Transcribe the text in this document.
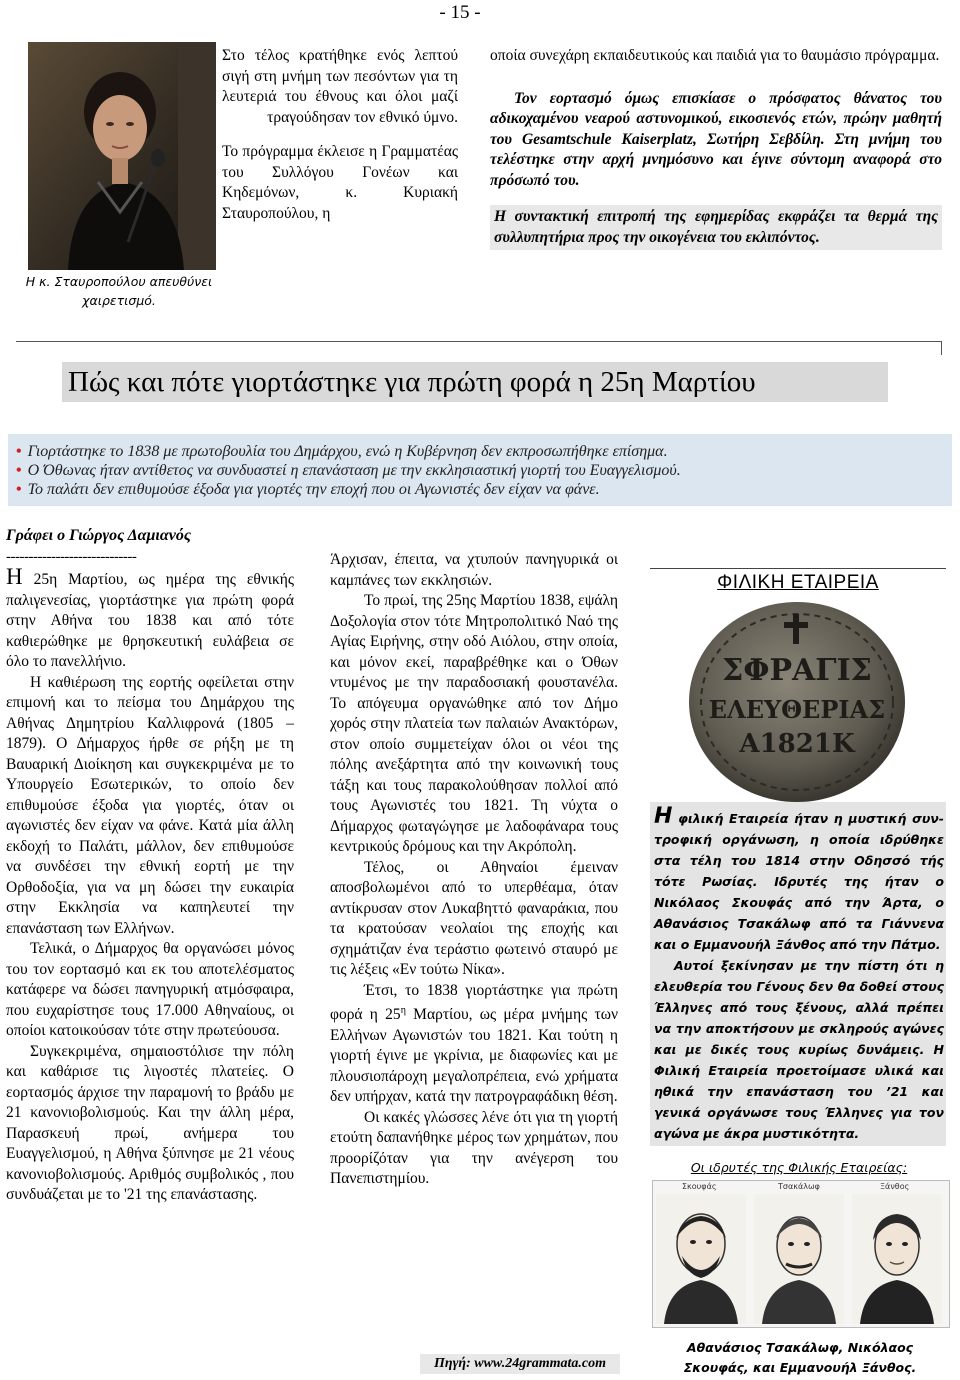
- 15 -
Η κ. Σταυροπούλου απευθύνει
χαιρετισμό.

Στο τέλος κρατήθηκε ενός λεπτού σιγή στη μνήμη των πεσόντων για τη λευτεριά του έθνους και όλοι μαζί τραγούδησαν τον εθνικό ύμνο.

Το πρόγραμμα έκλεισε η Γραμματέας του Συλλόγου Γονέων και Κηδεμόνων, κ. Κυριακή Σταυροπούλου, η

οποία συνεχάρη εκπαιδευτικούς και παιδιά για το θαυμάσιο πρόγραμμα.

Τον εορτασμό όμως επισκίασε ο πρόσφατος θάνατος του αδικοχαμένου νεαρού αστυνομικού, εικοσιενός ετών, πρώην μαθητή του Gesamtschule Kaiserplatz, Σωτήρη Σεβδίλη. Στη μνήμη του τελέστηκε στην αρχή μνημόσυνο και έγινε σύντομη αναφορά στο πρόσωπό του.

Η συντακτική επιτροπή της εφημερίδας εκφράζει τα θερμά της συλλυπητήρια προς την οικογένεια του εκλιπόντος.

Πώς και πότε γιορτάστηκε για πρώτη φορά η 25η Μαρτίου
• Γιορτάστηκε το 1838 με πρωτοβουλία του Δημάρχου, ενώ η Κυβέρνηση δεν εκπροσωπήθηκε επίσημα.
• Ο Όθωνας ήταν αντίθετος να συνδυαστεί η επανάσταση με την εκκλησιαστική γιορτή του Ευαγγελισμού.
• Το παλάτι δεν επιθυμούσε έξοδα για γιορτές την εποχή που οι Αγωνιστές δεν είχαν να φάνε.

Γράφει ο Γιώργος Δαμιανός

-----------------------------

Η 25η Μαρτίου, ως ημέρα της εθνικής παλιγενεσίας, γιορτάστηκε για πρώτη φορά στην Αθήνα του 1838 και από τότε καθιερώθηκε με θρησκευτική ευλάβεια σε όλο το πανελλήνιο.

Η καθιέρωση της εορτής οφείλεται στην επιμονή και το πείσμα του Δημάρχου της Αθήνας Δημητρίου Καλλιφρονά (1805 – 1879). Ο Δήμαρχος ήρθε σε ρήξη με τη Βαυαρική Διοίκηση και συγκεκριμένα με το Υπουργείο Εσωτερικών, το οποίο δεν επιθυμούσε έξοδα για γιορτές, όταν οι αγωνιστές δεν είχαν να φάνε. Κατά μία άλλη εκδοχή το Παλάτι, μάλλον, δεν επιθυμούσε να συνδέσει την εθνική εορτή με την Ορθοδοξία, για να μη δώσει την ευκαιρία στην Εκκλησία να καπηλευτεί την επανάσταση των Ελλήνων.

Τελικά, ο Δήμαρχος θα οργανώσει μόνος του τον εορτασμό και εκ του αποτελέσματος κατάφερε να δώσει πανηγυρική ατμόσφαιρα, που ευχαρίστησε τους 17.000 Αθηναίους, οι οποίοι κατοικούσαν τότε στην πρωτεύουσα.

Συγκεκριμένα, σημαιοστόλισε την πόλη και καθάρισε τις λιγοστές πλατείες. Ο εορτασμός άρχισε την παραμονή το βράδυ με 21 κανονιοβολισμούς. Και την άλλη μέρα, Παρασκευή πρωί, ανήμερα του Ευαγγελισμού, η Αθήνα ξύπνησε με 21 νέους κανονιοβολισμούς. Αριθμός συμβολικός , που συνδυάζεται με το '21 της επανάστασης.

Άρχισαν, έπειτα, να χτυπούν πανηγυρικά οι καμπάνες των εκκλησιών.

Το πρωί, της 25ης Μαρτίου 1838, εψάλη Δοξολογία στον τότε Μητροπολιτικό Ναό της Αγίας Ειρήνης, στην οδό Αιόλου, στην οποία, και μόνον εκεί, παραβρέθηκε και ο Όθων ντυμένος με την παραδοσιακή φουστανέλα. Το απόγευμα οργανώθηκε από τον Δήμο χορός στην πλατεία των παλαιών Ανακτόρων, στον οποίο συμμετείχαν όλοι οι νέοι της πόλης ανεξάρτητα από την κοινωνική τους τάξη και τους παρακολούθησαν πολλοί από τους Αγωνιστές του 1821. Τη νύχτα ο Δήμαρχος φωταγώγησε με λαδοφάναρα τους κεντρικούς δρόμους και την Ακρόπολη.

Τέλος, οι Αθηναίοι έμειναν αποσβολωμένοι από το υπερθέαμα, όταν αντίκρυσαν στον Λυκαβηττό φαναράκια, που τα κρατούσαν νεολαίοι της εποχής και σχημάτιζαν ένα τεράστιο φωτεινό σταυρό με τις λέξεις «Εν τούτω Νίκα».

Έτσι, το 1838 γιορτάστηκε για πρώτη φορά η $25^\eta$ Μαρτίου, ως μέρα μνήμης των Ελλήνων Αγωνιστών του 1821. Και τούτη η γιορτή έγινε με γκρίνια, με διαφωνίες και με πλουσιοπάροχη μεγαλοπρέπεια, ενώ χρήματα δεν υπήρχαν, κατά την πατρογραφάδικη θέση.

Οι κακές γλώσσες λένε ότι για τη γιορτή ετούτη δαπανήθηκε μέρος των χρημάτων, που προορίζόταν για την ανέγερση του Πανεπιστημίου.

Πηγή: www.24grammata.com
ΦΙΛΙΚΗ ΕΤΑΙΡΕΙΑ
ΣΦΡΑΓΙΣ
ΕΛΕΥΘΕΡΙΑΣ
Α1821Κ

Η φιλική Εταιρεία ήταν η μυστική συν-τροφική οργάνωση, η οποία ιδρύθηκε στα τέλη του 1814 στην Οδησσό τής τότε Ρωσίας. Ιδρυτές της ήταν ο Νικόλαος Σκουφάς από την Άρτα, ο Αθανάσιος Τσακάλωφ από τα Γιάννενα και ο Εμμανουήλ Ξάνθος από την Πάτμο.

Αυτοί ξεκίνησαν με την πίστη ότι η ελευθερία του Γένους δεν θα δοθεί στους Έλληνες από τους ξένους, αλλά πρέπει να την αποκτήσουν με σκληρούς αγώνες και με δικές τους κυρίως δυνάμεις. Η Φιλική Εταιρεία προετοίμασε υλικά και ηθικά την επανάσταση του ’21 και γενικά οργάνωσε τους Έλληνες για τον αγώνα με άκρα μυστικότητα.

Οι ιδρυτές της Φιλικής Εταιρείας:
Σκουφάς	Τσακάλωφ	Ξάνθος
Αθανάσιος Τσακάλωφ, Νικόλαος
Σκουφάς, και Εμμανουήλ Ξάνθος.
